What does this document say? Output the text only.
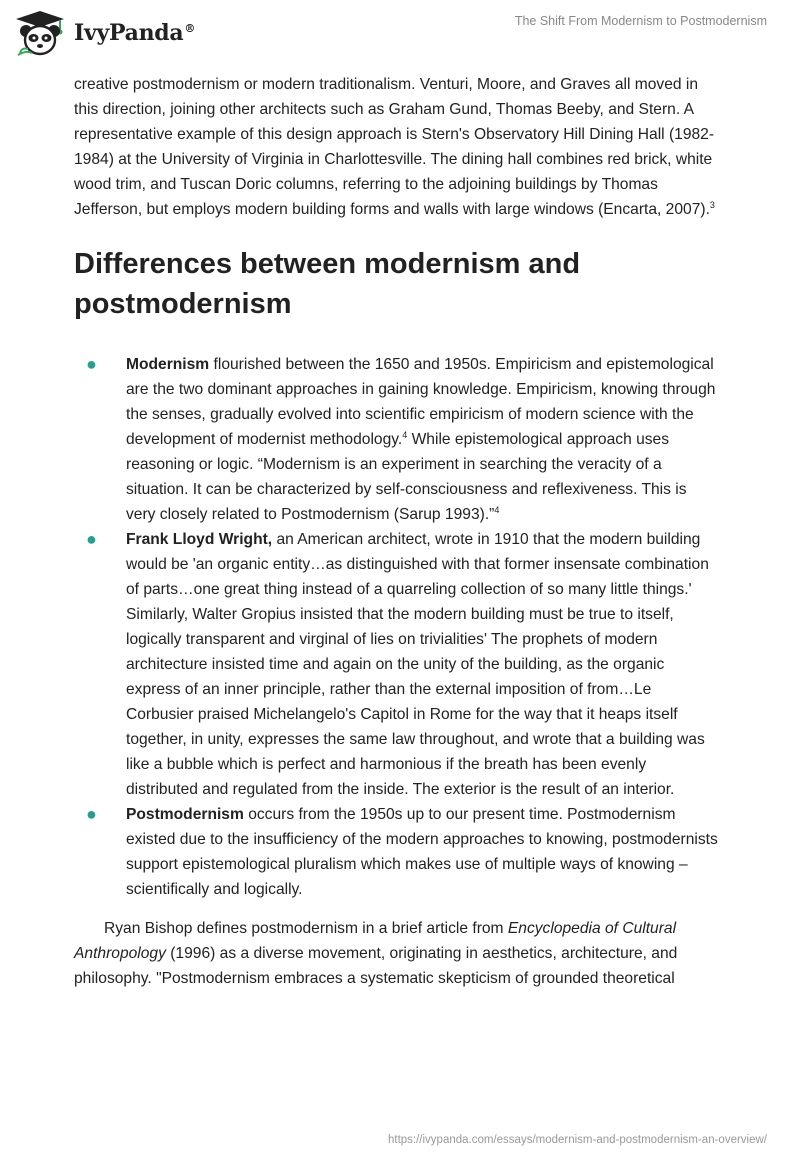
IvyPanda®
The Shift From Modernism to Postmodernism

creative postmodernism or modern traditionalism. Venturi, Moore, and Graves all moved in this direction, joining other architects such as Graham Gund, Thomas Beeby, and Stern. A representative example of this design approach is Stern's Observatory Hill Dining Hall (1982-1984) at the University of Virginia in Charlottesville. The dining hall combines red brick, white wood trim, and Tuscan Doric columns, referring to the adjoining buildings by Thomas Jefferson, but employs modern building forms and walls with large windows (Encarta, 2007).$^3$

Differences between modernism and postmodernism
● Modernism flourished between the 1650 and 1950s. Empiricism and epistemological are the two dominant approaches in gaining knowledge. Empiricism, knowing through the senses, gradually evolved into scientific empiricism of modern science with the development of modernist methodology.$^4$ While epistemological approach uses reasoning or logic. “Modernism is an experiment in searching the veracity of a situation. It can be characterized by self-consciousness and reflexiveness. This is very closely related to Postmodernism (Sarup 1993).”$^4$
● Frank Lloyd Wright, an American architect, wrote in 1910 that the modern building would be 'an organic entity…as distinguished with that former insensate combination of parts…one great thing instead of a quarreling collection of so many little things.' Similarly, Walter Gropius insisted that the modern building must be true to itself, logically transparent and virginal of lies on trivialities' The prophets of modern architecture insisted time and again on the unity of the building, as the organic express of an inner principle, rather than the external imposition of from…Le Corbusier praised Michelangelo's Capitol in Rome for the way that it heaps itself together, in unity, expresses the same law throughout, and wrote that a building was like a bubble which is perfect and harmonious if the breath has been evenly distributed and regulated from the inside. The exterior is the result of an interior.
● Postmodernism occurs from the 1950s up to our present time. Postmodernism existed due to the insufficiency of the modern approaches to knowing, postmodernists support epistemological pluralism which makes use of multiple ways of knowing – scientifically and logically.

Ryan Bishop defines postmodernism in a brief article from Encyclopedia of Cultural Anthropology (1996) as a diverse movement, originating in aesthetics, architecture, and philosophy. "Postmodernism embraces a systematic skepticism of grounded theoretical

https://ivypanda.com/essays/modernism-and-postmodernism-an-overview/
